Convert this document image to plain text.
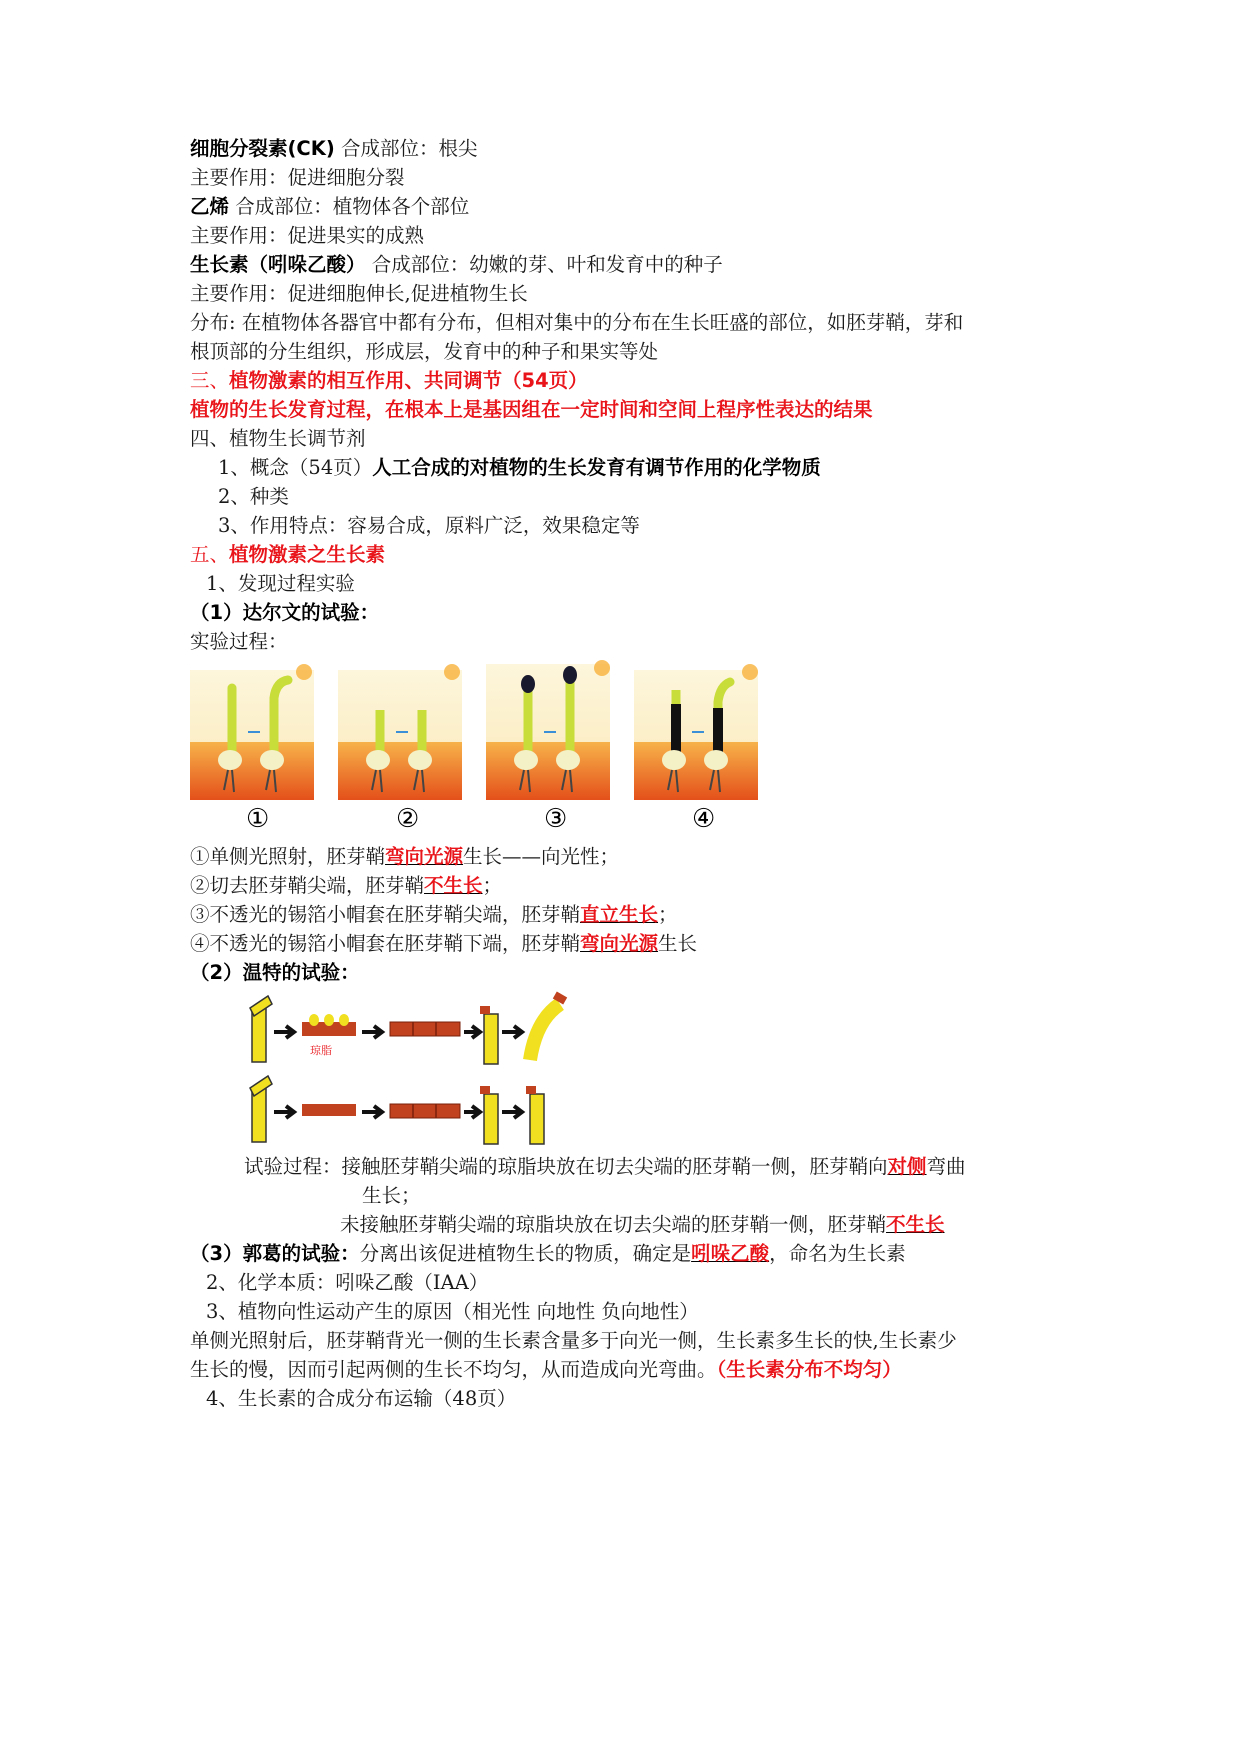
细胞分裂素(CK) 合成部位：根尖
主要作用：促进细胞分裂
乙烯 合成部位：植物体各个部位
主要作用：促进果实的成熟
生长素（吲哚乙酸） 合成部位：幼嫩的芽、叶和发育中的种子
主要作用：促进细胞伸长,促进植物生长
分布: 在植物体各器官中都有分布，但相对集中的分布在生长旺盛的部位，如胚芽鞘，芽和
根顶部的分生组织，形成层，发育中的种子和果实等处
三、植物激素的相互作用、共同调节（54页）
植物的生长发育过程，在根本上是基因组在一定时间和空间上程序性表达的结果
四、植物生长调节剂
1、概念（54页）人工合成的对植物的生长发育有调节作用的化学物质
2、种类
3、作用特点：容易合成，原料广泛，效果稳定等
五、植物激素之生长素
1、发现过程实验
（1）达尔文的试验：
实验过程：
①	②	③	④
①单侧光照射，胚芽鞘弯向光源生长——向光性；
②切去胚芽鞘尖端，胚芽鞘不生长；
③不透光的锡箔小帽套在胚芽鞘尖端，胚芽鞘直立生长；
④不透光的锡箔小帽套在胚芽鞘下端，胚芽鞘弯向光源生长
（2）温特的试验：
琼脂
试验过程：接触胚芽鞘尖端的琼脂块放在切去尖端的胚芽鞘一侧，胚芽鞘向对侧弯曲
生长；
未接触胚芽鞘尖端的琼脂块放在切去尖端的胚芽鞘一侧，胚芽鞘不生长
（3）郭葛的试验：分离出该促进植物生长的物质，确定是吲哚乙酸，命名为生长素
2、化学本质：吲哚乙酸（IAA）
3、植物向性运动产生的原因（相光性 向地性 负向地性）
单侧光照射后，胚芽鞘背光一侧的生长素含量多于向光一侧，生长素多生长的快,生长素少
生长的慢，因而引起两侧的生长不均匀，从而造成向光弯曲。（生长素分布不均匀）
4、生长素的合成分布运输（48页）
